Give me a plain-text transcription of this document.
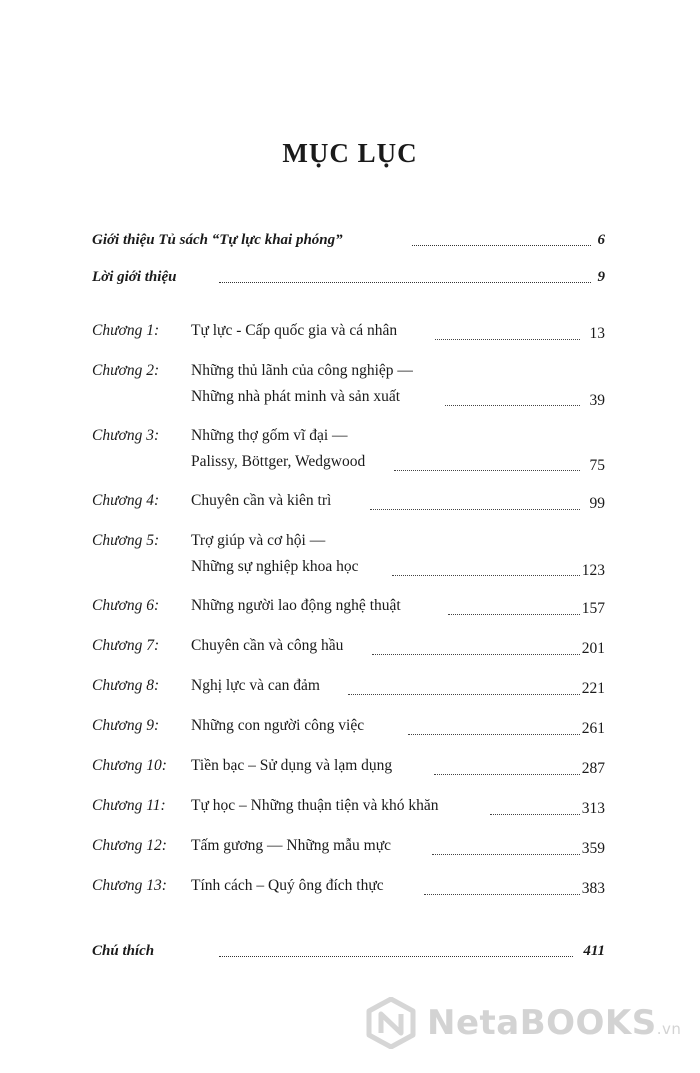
MỤC LỤC
Giới thiệu Tủ sách “Tự lực khai phóng”	6
Lời giới thiệu	9
Chương 1: Tự lực - Cấp quốc gia và cá nhân	13
Chương 2: Những thủ lãnh của công nghiệp —
Những nhà phát minh và sản xuất	39
Chương 3: Những thợ gốm vĩ đại —
Palissy, Böttger, Wedgwood	75
Chương 4: Chuyên cần và kiên trì	99
Chương 5: Trợ giúp và cơ hội —
Những sự nghiệp khoa học	123
Chương 6: Những người lao động nghệ thuật	157
Chương 7: Chuyên cần và công hầu	201
Chương 8: Nghị lực và can đảm	221
Chương 9: Những con người công việc	261
Chương 10: Tiền bạc – Sử dụng và lạm dụng	287
Chương 11: Tự học – Những thuận tiện và khó khăn	313
Chương 12: Tấm gương — Những mẫu mực	359
Chương 13: Tính cách – Quý ông đích thực	383
Chú thích	411
NetaBOOKS.vn
